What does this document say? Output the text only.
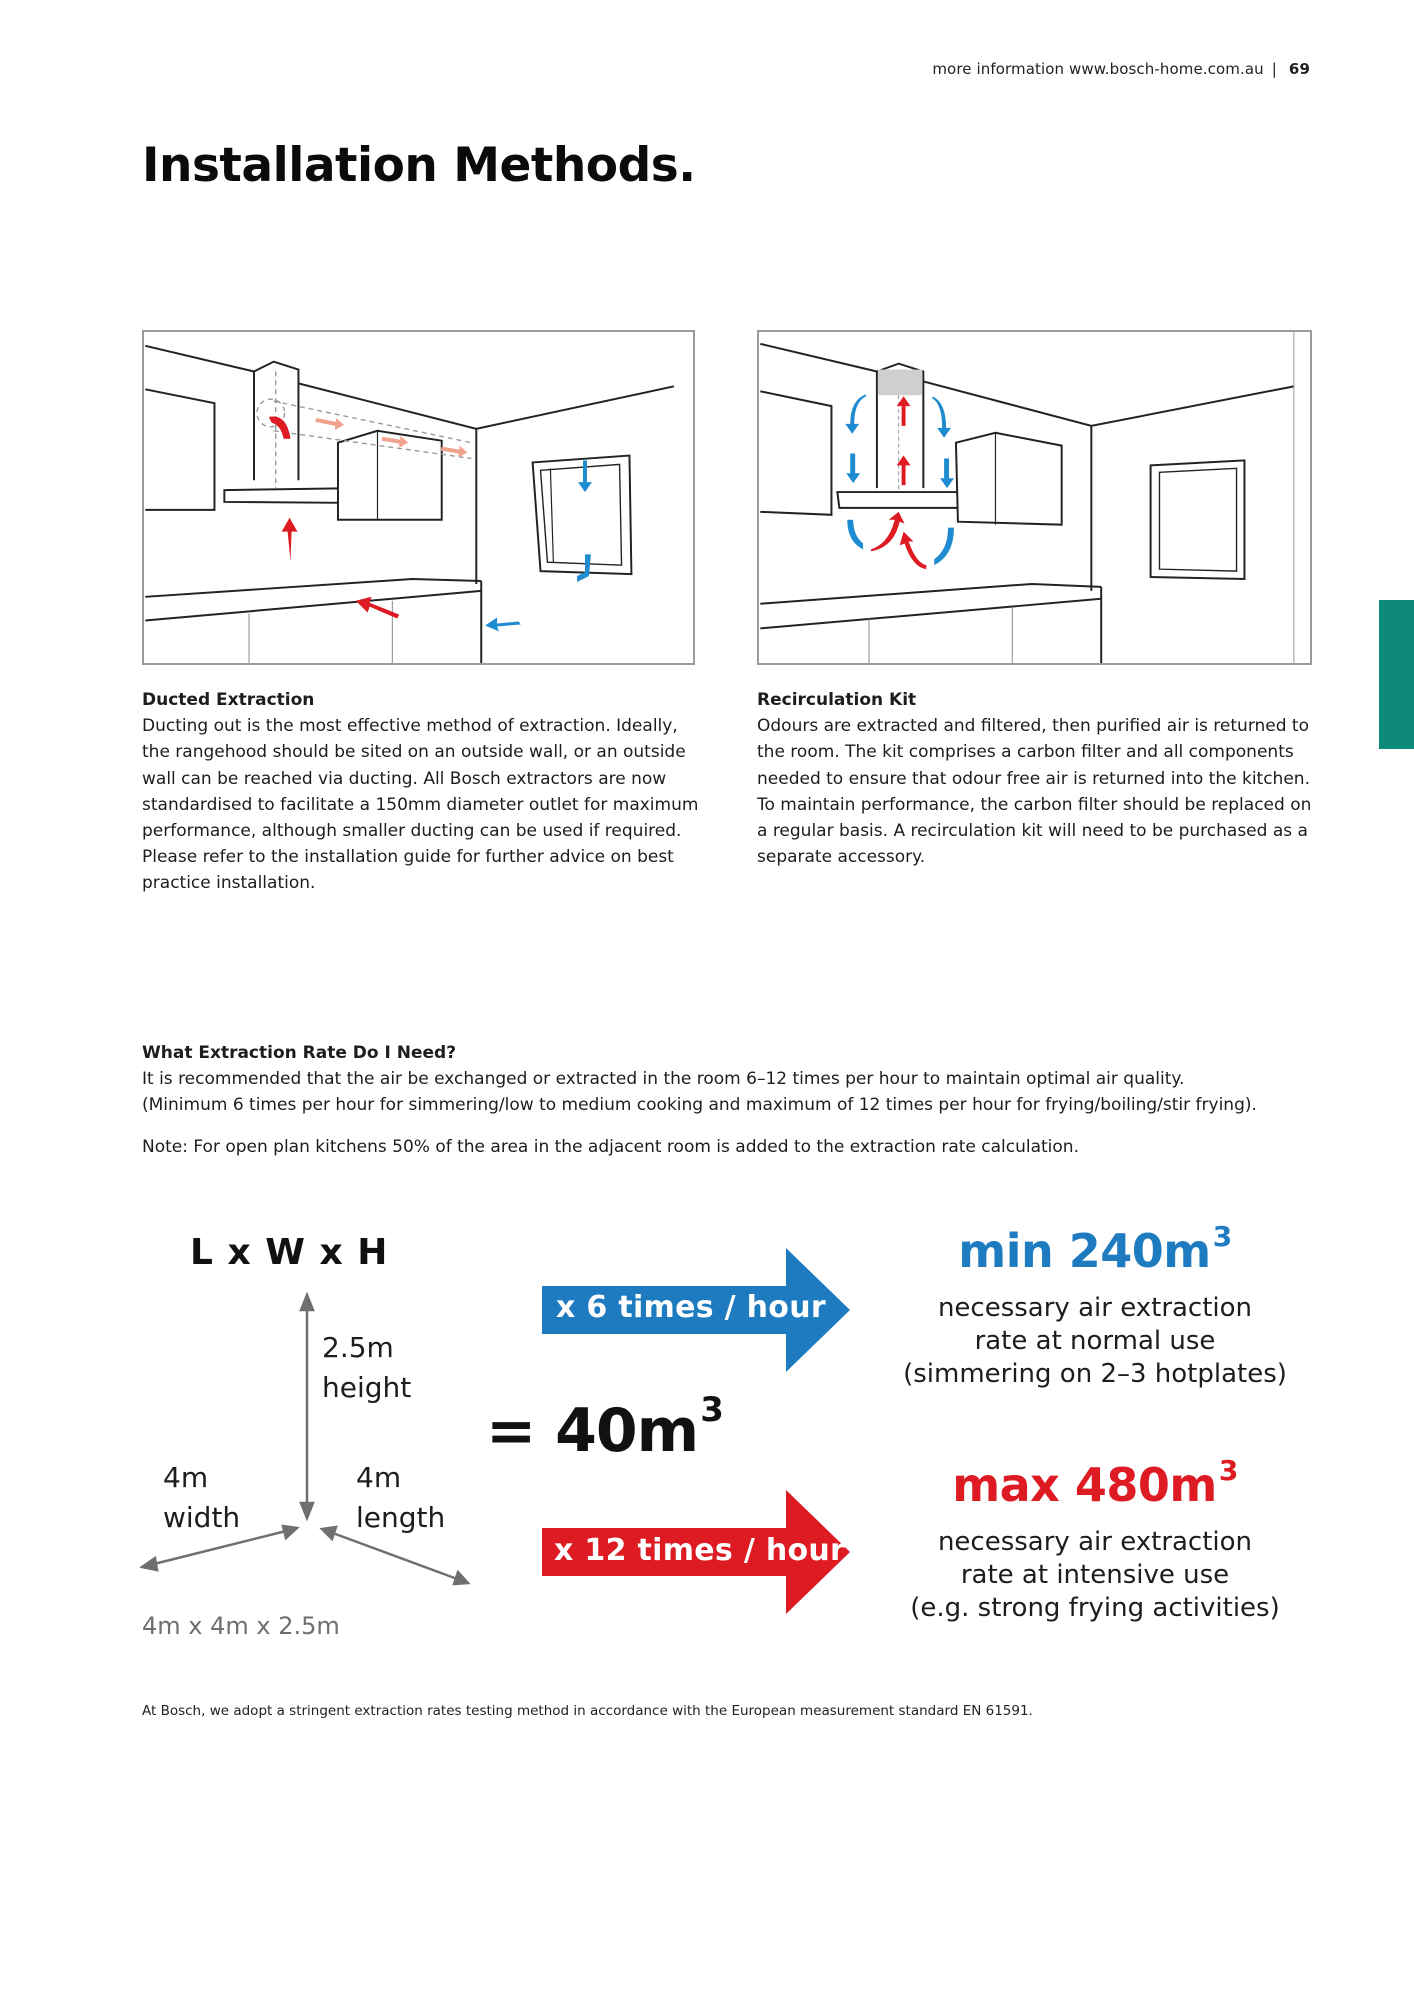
more information www.bosch-home.com.au | 69
Installation Methods.
Ducted Extraction
Ducting out is the most effective method of extraction. Ideally, the rangehood should be sited on an outside wall, or an outside wall can be reached via ducting. All Bosch extractors are now standardised to facilitate a 150mm diameter outlet for maximum performance, although smaller ducting can be used if required. Please refer to the installation guide for further advice on best practice installation.
Recirculation Kit
Odours are extracted and filtered, then purified air is returned to the room. The kit comprises a carbon filter and all components needed to ensure that odour free air is returned into the kitchen. To maintain performance, the carbon filter should be replaced on a regular basis. A recirculation kit will need to be purchased as a separate accessory.
What Extraction Rate Do I Need?
It is recommended that the air be exchanged or extracted in the room 6–12 times per hour to maintain optimal air quality.
(Minimum 6 times per hour for simmering/low to medium cooking and maximum of 12 times per hour for frying/boiling/stir frying).
Note: For open plan kitchens 50% of the area in the adjacent room is added to the extraction rate calculation.
L x W x H
2.5m
height
4m
width
4m
length
4m x 4m x 2.5m
= $40m^3$
x 6 times / hour
x 12 times / hour
$\min 240m^3$
necessary air extraction
rate at normal use
(simmering on 2–3 hotplates)
$\max 480m^3$
necessary air extraction
rate at intensive use
(e.g. strong frying activities)
At Bosch, we adopt a stringent extraction rates testing method in accordance with the European measurement standard EN 61591.
